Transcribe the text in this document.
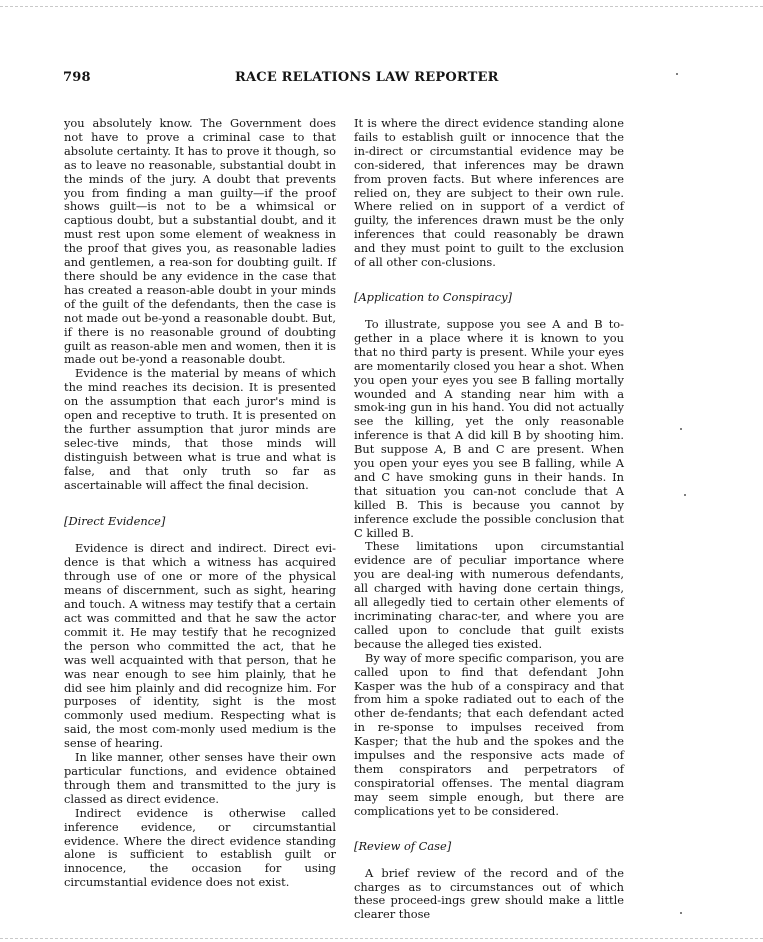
798	RACE RELATIONS LAW REPORTER

you absolutely know. The Government does not have to prove a criminal case to that absolute certainty. It has to prove it though, so as to leave no reasonable, substantial doubt in the minds of the jury. A doubt that prevents you from finding a man guilty—if the proof shows guilt—is not to be a whimsical or captious doubt, but a substantial doubt, and it must rest upon some element of weakness in the proof that gives you, as reasonable ladies and gentlemen, a rea-son for doubting guilt. If there should be any evidence in the case that has created a reason-able doubt in your minds of the guilt of the defendants, then the case is not made out be-yond a reasonable doubt. But, if there is no reasonable ground of doubting guilt as reason-able men and women, then it is made out be-yond a reasonable doubt.

Evidence is the material by means of which the mind reaches its decision. It is presented on the assumption that each juror's mind is open and receptive to truth. It is presented on the further assumption that juror minds are selec-tive minds, that those minds will distinguish between what is true and what is false, and that only truth so far as ascertainable will affect the final decision.

[Direct Evidence]

Evidence is direct and indirect. Direct evi-dence is that which a witness has acquired through use of one or more of the physical means of discernment, such as sight, hearing and touch. A witness may testify that a certain act was committed and that he saw the actor commit it. He may testify that he recognized the person who committed the act, that he was well acquainted with that person, that he was near enough to see him plainly, that he did see him plainly and did recognize him. For purposes of identity, sight is the most commonly used medium. Respecting what is said, the most com-monly used medium is the sense of hearing.

In like manner, other senses have their own particular functions, and evidence obtained through them and transmitted to the jury is classed as direct evidence.

Indirect evidence is otherwise called inference evidence, or circumstantial evidence. Where the direct evidence standing alone is sufficient to establish guilt or innocence, the occasion for using circumstantial evidence does not exist.

It is where the direct evidence standing alone fails to establish guilt or innocence that the in-direct or circumstantial evidence may be con-sidered, that inferences may be drawn from proven facts. But where inferences are relied on, they are subject to their own rule. Where relied on in support of a verdict of guilty, the inferences drawn must be the only inferences that could reasonably be drawn and they must point to guilt to the exclusion of all other con-clusions.

[Application to Conspiracy]

To illustrate, suppose you see A and B to-gether in a place where it is known to you that no third party is present. While your eyes are momentarily closed you hear a shot. When you open your eyes you see B falling mortally wounded and A standing near him with a smok-ing gun in his hand. You did not actually see the killing, yet the only reasonable inference is that A did kill B by shooting him. But suppose A, B and C are present. When you open your eyes you see B falling, while A and C have smoking guns in their hands. In that situation you can-not conclude that A killed B. This is because you cannot by inference exclude the possible conclusion that C killed B.

These limitations upon circumstantial evidence are of peculiar importance where you are deal-ing with numerous defendants, all charged with having done certain things, all allegedly tied to certain other elements of incriminating charac-ter, and where you are called upon to conclude that guilt exists because the alleged ties existed.

By way of more specific comparison, you are called upon to find that defendant John Kasper was the hub of a conspiracy and that from him a spoke radiated out to each of the other de-fendants; that each defendant acted in re-sponse to impulses received from Kasper; that the hub and the spokes and the impulses and the responsive acts made of them conspirators and perpetrators of conspiratorial offenses. The mental diagram may seem simple enough, but there are complications yet to be considered.

[Review of Case]

A brief review of the record and of the charges as to circumstances out of which these proceed-ings grew should make a little clearer those
